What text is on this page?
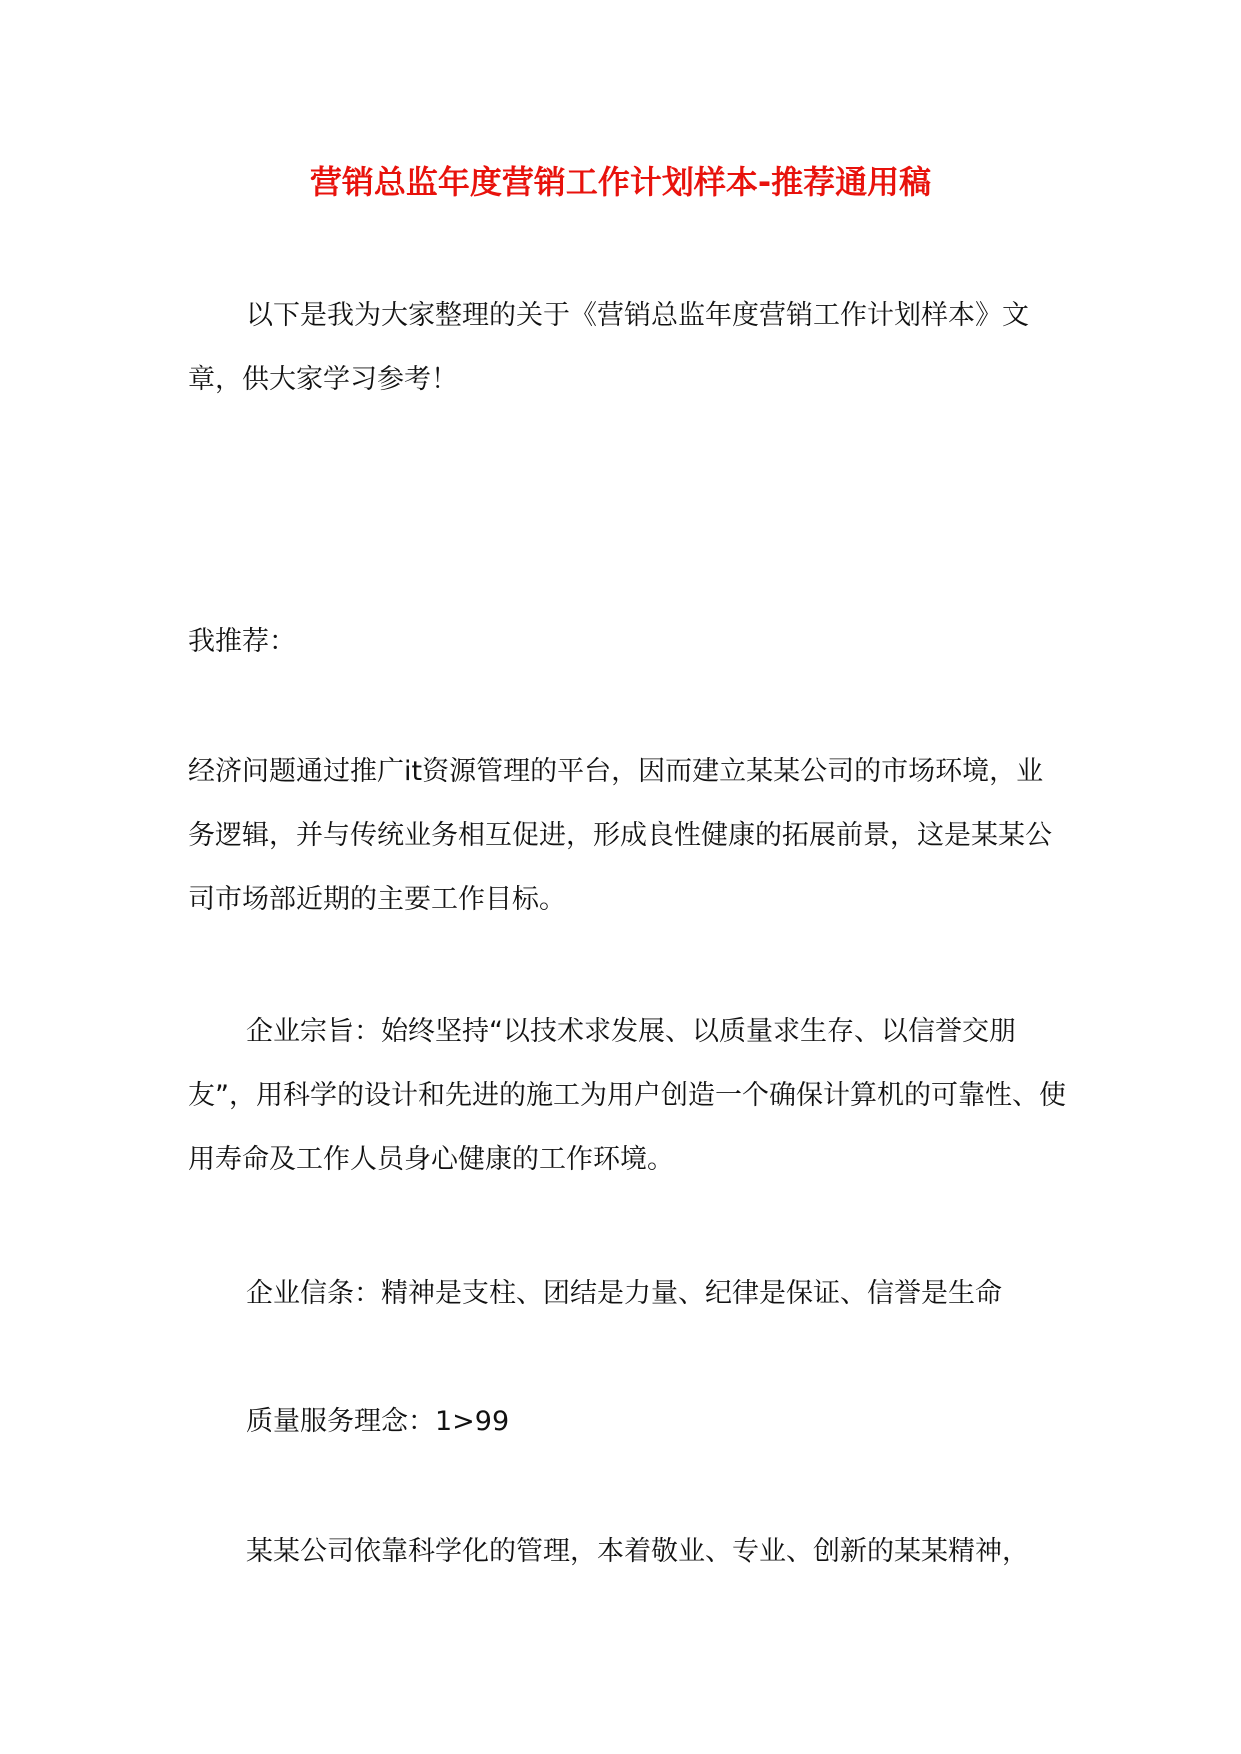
营销总监年度营销工作计划样本-推荐通用稿

以下是我为大家整理的关于《营销总监年度营销工作计划样本》文章，供大家学习参考！

我推荐：

经济问题通过推广it资源管理的平台，因而建立某某公司的市场环境，业务逻辑，并与传统业务相互促进，形成良性健康的拓展前景，这是某某公司市场部近期的主要工作目标。

企业宗旨：始终坚持“以技术求发展、以质量求生存、以信誉交朋友”，用科学的设计和先进的施工为用户创造一个确保计算机的可靠性、使用寿命及工作人员身心健康的工作环境。

企业信条：精神是支柱、团结是力量、纪律是保证、信誉是生命

质量服务理念：1>99

某某公司依靠科学化的管理，本着敬业、专业、创新的某某精神，
